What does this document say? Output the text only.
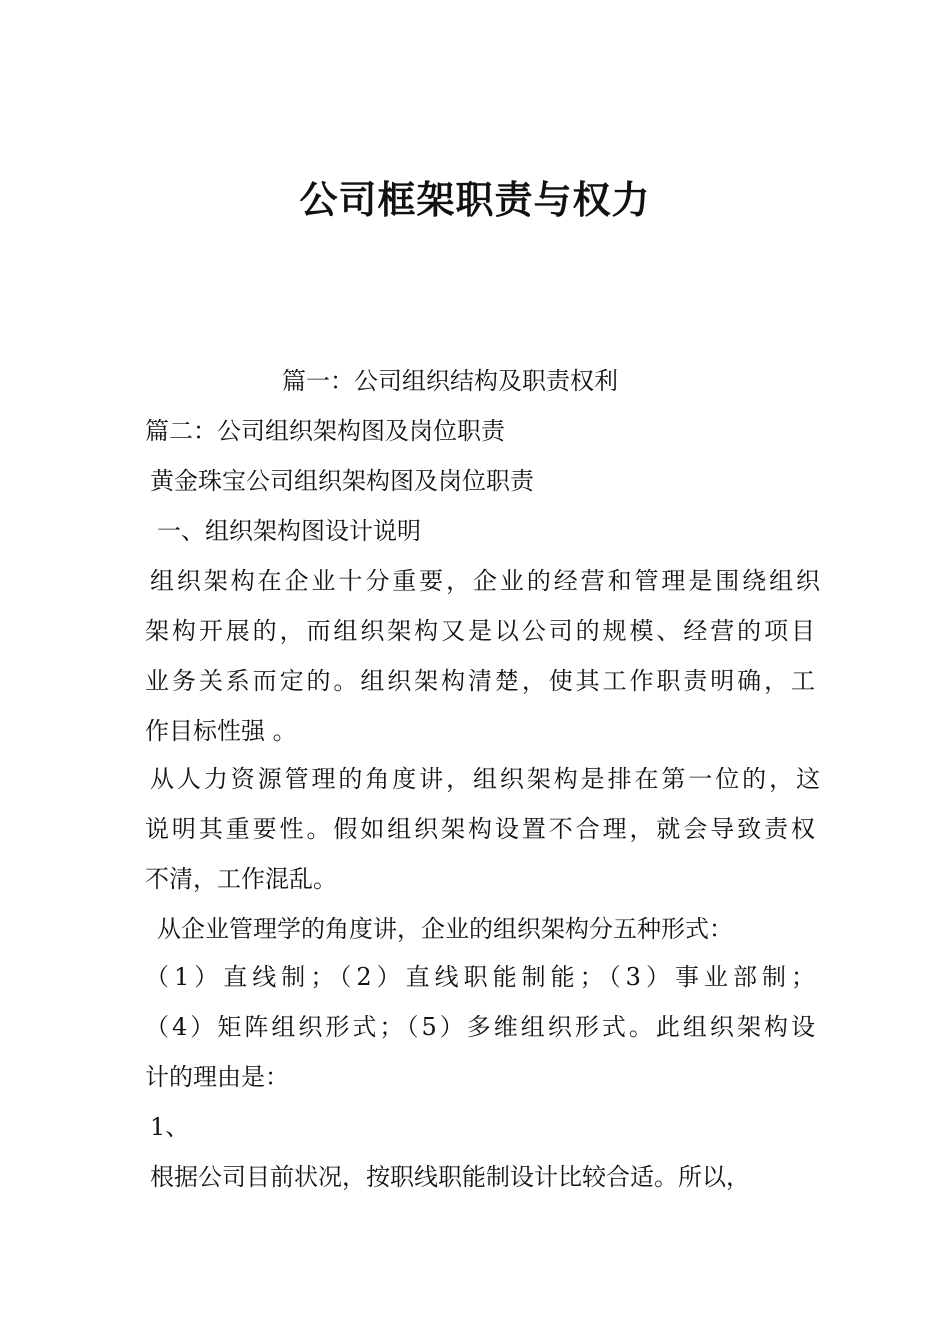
公司框架职责与权力
篇一：公司组织结构及职责权利
篇二：公司组织架构图及岗位职责
黄金珠宝公司组织架构图及岗位职责
一、组织架构图设计说明
组织架构在企业十分重要，企业的经营和管理是围绕组织
架构开展的，而组织架构又是以公司的规模、经营的项目
业务关系而定的。组织架构清楚，使其工作职责明确，工
作目标性强 。
从人力资源管理的角度讲，组织架构是排在第一位的，这
说明其重要性。假如组织架构设置不合理，就会导致责权
不清，工作混乱。
从企业管理学的角度讲，企业的组织架构分五种形式：
（1）直线制；（2）直线职能制能；（3）事业部制；
（4）矩阵组织形式；（5）多维组织形式。此组织架构设
计的理由是：
1、
根据公司目前状况，按职线职能制设计比较合适。所以，
